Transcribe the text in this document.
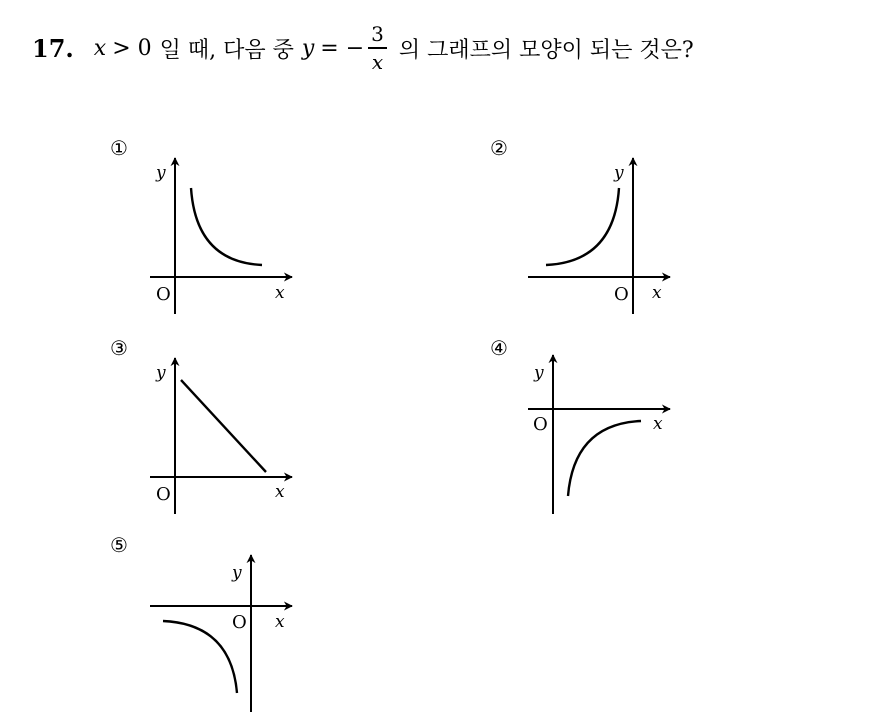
17. x > 0 일 때, 다음 중 y = − $\frac{3}{x}$ 의 그래프의 모양이 되는 것은?
①	②
③	④
⑤
y
O	x
y
O x
y
O	x
y
O	x
y
O x
